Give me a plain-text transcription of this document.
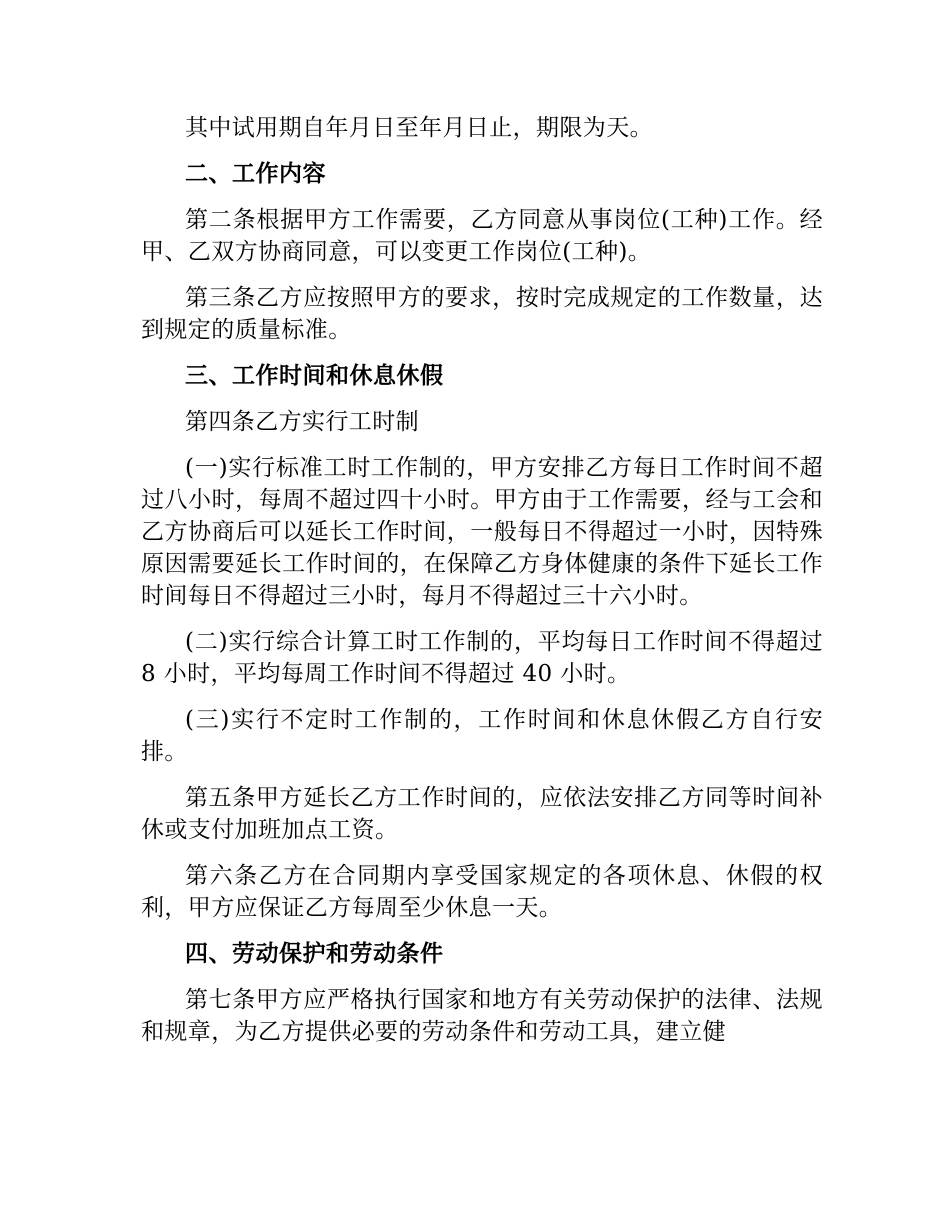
其中试用期自年月日至年月日止，期限为天。

二、工作内容

第二条根据甲方工作需要，乙方同意从事岗位(工种)工作。经甲、乙双方协商同意，可以变更工作岗位(工种)。

第三条乙方应按照甲方的要求，按时完成规定的工作数量，达到规定的质量标准。

三、工作时间和休息休假

第四条乙方实行工时制

(一)实行标准工时工作制的，甲方安排乙方每日工作时间不超过八小时，每周不超过四十小时。甲方由于工作需要，经与工会和乙方协商后可以延长工作时间，一般每日不得超过一小时，因特殊原因需要延长工作时间的，在保障乙方身体健康的条件下延长工作时间每日不得超过三小时，每月不得超过三十六小时。

(二)实行综合计算工时工作制的，平均每日工作时间不得超过 8 小时，平均每周工作时间不得超过 40 小时。

(三)实行不定时工作制的，工作时间和休息休假乙方自行安排。

第五条甲方延长乙方工作时间的，应依法安排乙方同等时间补休或支付加班加点工资。

第六条乙方在合同期内享受国家规定的各项休息、休假的权利，甲方应保证乙方每周至少休息一天。

四、劳动保护和劳动条件

第七条甲方应严格执行国家和地方有关劳动保护的法律、法规和规章，为乙方提供必要的劳动条件和劳动工具，建立健
